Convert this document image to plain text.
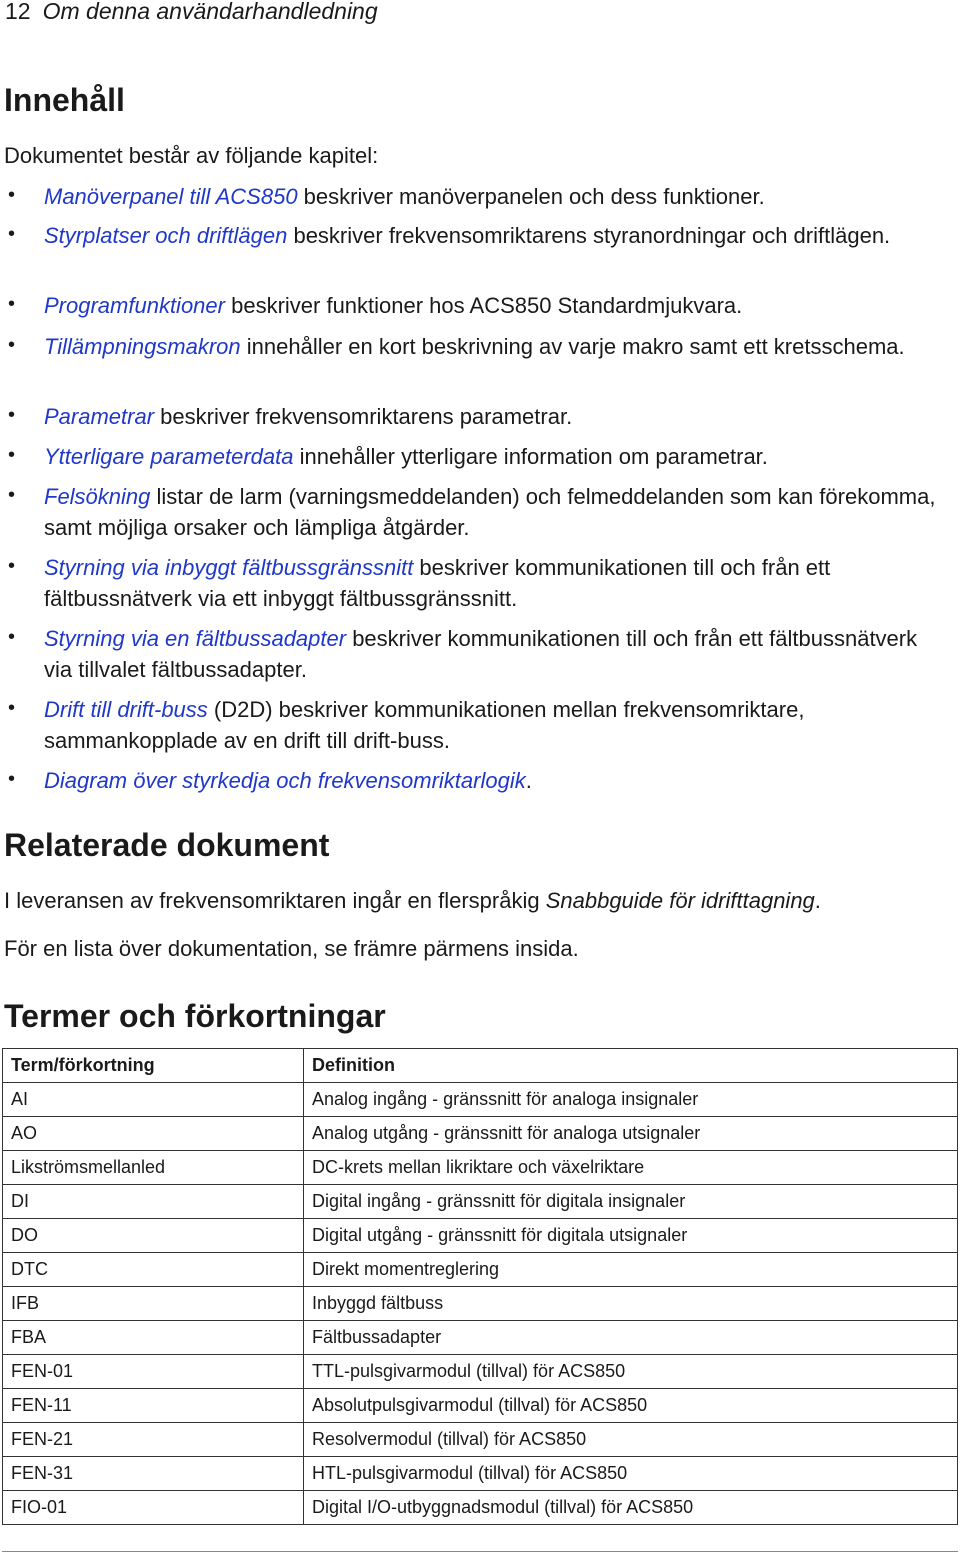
12 Om denna användarhandledning
Innehåll

Dokumentet består av följande kapitel:

• Manöverpanel till ACS850 beskriver manöverpanelen och dess funktioner.
• Styrplatser och driftlägen beskriver frekvensomriktarens styranordningar och driftlägen.
• Programfunktioner beskriver funktioner hos ACS850 Standardmjukvara.
• Tillämpningsmakron innehåller en kort beskrivning av varje makro samt ett kretsschema.
• Parametrar beskriver frekvensomriktarens parametrar.
• Ytterligare parameterdata innehåller ytterligare information om parametrar.
• Felsökning listar de larm (varningsmeddelanden) och felmeddelanden som kan förekomma, samt möjliga orsaker och lämpliga åtgärder.
• Styrning via inbyggt fältbussgränssnitt beskriver kommunikationen till och från ett fältbussnätverk via ett inbyggt fältbussgränssnitt.
• Styrning via en fältbussadapter beskriver kommunikationen till och från ett fältbussnätverk via tillvalet fältbussadapter.
• Drift till drift-buss (D2D) beskriver kommunikationen mellan frekvensomriktare, sammankopplade av en drift till drift-buss.
• Diagram över styrkedja och frekvensomriktarlogik.
Relaterade dokument

I leveransen av frekvensomriktaren ingår en flerspråkig Snabbguide för idrifttagning.

För en lista över dokumentation, se främre pärmens insida.

Termer och förkortningar
Term/förkortning	Definition
AI	Analog ingång - gränssnitt för analoga insignaler
AO	Analog utgång - gränssnitt för analoga utsignaler
Likströmsmellanled	DC-krets mellan likriktare och växelriktare
DI	Digital ingång - gränssnitt för digitala insignaler
DO	Digital utgång - gränssnitt för digitala utsignaler
DTC	Direkt momentreglering
IFB	Inbyggd fältbuss
FBA	Fältbussadapter
FEN-01	TTL-pulsgivarmodul (tillval) för ACS850
FEN-11	Absolutpulsgivarmodul (tillval) för ACS850
FEN-21	Resolvermodul (tillval) för ACS850
FEN-31	HTL-pulsgivarmodul (tillval) för ACS850
FIO-01	Digital I/O-utbyggnadsmodul (tillval) för ACS850
